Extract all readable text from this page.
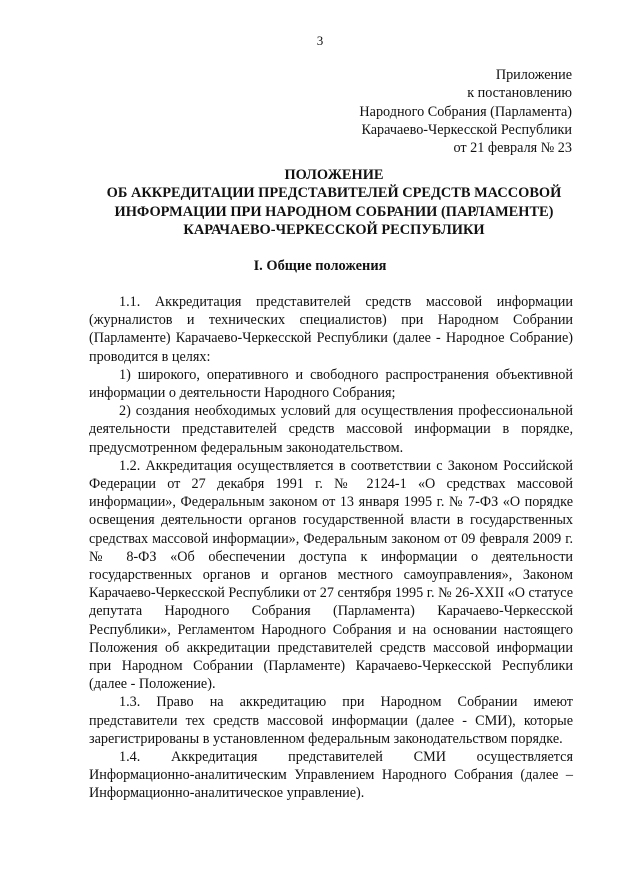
3
Приложение
к постановлению
Народного Собрания (Парламента)
Карачаево-Черкесской Республики
от 21 февраля № 23
ПОЛОЖЕНИЕ
ОБ АККРЕДИТАЦИИ ПРЕДСТАВИТЕЛЕЙ СРЕДСТВ МАССОВОЙ
ИНФОРМАЦИИ ПРИ НАРОДНОМ СОБРАНИИ (ПАРЛАМЕНТЕ)
КАРАЧАЕВО-ЧЕРКЕССКОЙ РЕСПУБЛИКИ
I. Общие положения

1.1. Аккредитация представителей средств массовой информации (журналистов и технических специалистов) при Народном Собрании (Парламенте) Карачаево-Черкесской Республики (далее - Народное Собрание) проводится в целях:

1) широкого, оперативного и свободного распространения объективной информации о деятельности Народного Собрания;

2) создания необходимых условий для осуществления профессиональной деятельности представителей средств массовой информации в порядке, предусмотренном федеральным законодательством.

1.2. Аккредитация осуществляется в соответствии с Законом Российской Федерации от 27 декабря 1991 г. № 2124-1 «О средствах массовой информации», Федеральным законом от 13 января 1995 г. № 7-ФЗ «О порядке освещения деятельности органов государственной власти в государственных средствах массовой информации», Федеральным законом от 09 февраля 2009 г. № 8-ФЗ «Об обеспечении доступа к информации о деятельности государственных органов и органов местного самоуправления», Законом Карачаево-Черкесской Республики от 27 сентября 1995 г. № 26-XXII «О статусе депутата Народного Собрания (Парламента) Карачаево-Черкесской Республики», Регламентом Народного Собрания и на основании настоящего Положения об аккредитации представителей средств массовой информации при Народном Собрании (Парламенте) Карачаево-Черкесской Республики (далее - Положение).

1.3. Право на аккредитацию при Народном Собрании имеют представители тех средств массовой информации (далее - СМИ), которые зарегистрированы в установленном федеральным законодательством порядке.

1.4. Аккредитация представителей СМИ осуществляется Информационно-аналитическим Управлением Народного Собрания (далее – Информационно-аналитическое управление).
